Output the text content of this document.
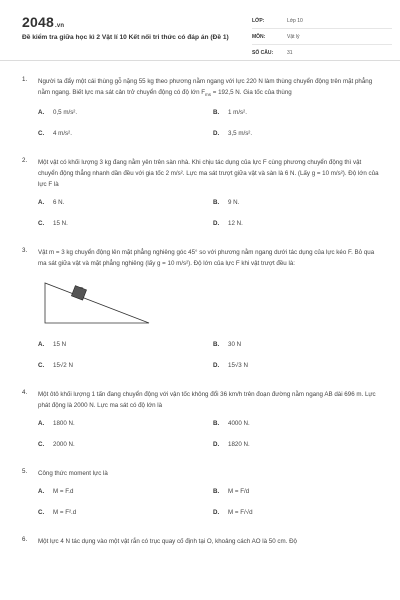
2048.vn
Đề kiểm tra giữa học kì 2 Vật lí 10 Kết nối tri thức có đáp án (Đề 1)
LỚP:	Lớp 10
MÔN:	Vật lý
SỐ CÂU:	31
1. Người ta đẩy một cái thùng gỗ nặng 55 kg theo phương nằm ngang với lực 220 N làm thùng chuyển động trên mặt phẳng nằm ngang. Biết lực ma sát cản trở chuyển động có độ lớn $F_{ms} = 192,5$ N. Gia tốc của thùng
A.	0,5 m/s².	B.	1 m/s².
C.	4 m/s².	D.	3,5 m/s².
2. Một vật có khối lượng 3 kg đang nằm yên trên sàn nhà. Khi chịu tác dụng của lực F cùng phương chuyển động thì vật chuyển động thẳng nhanh dần đều với gia tốc 2 m/s². Lực ma sát trượt giữa vật và sàn là 6 N. (Lấy g = 10 m/s²). Độ lớn của lực F là
A.	6 N.	B.	9 N.
C.	15 N.	D.	12 N.
3. Vật m = 3 kg chuyển động lên mặt phẳng nghiêng góc 45° so với phương nằm ngang dưới tác dụng của lực kéo F. Bỏ qua ma sát giữa vật và mặt phẳng nghiêng (lấy g = 10 m/s²). Độ lớn của lực F khi vật trượt đều là:
m
A.	15 N	B.	30 N
C.	15√2 N	D.	15√3 N
4. Một ôtô khối lượng 1 tấn đang chuyển động với vận tốc không đổi 36 km/h trên đoạn đường nằm ngang AB dài 696 m. Lực phát động là 2000 N. Lực ma sát có độ lớn là
A.	1800 N.	B.	4000 N.
C.	2000 N.	D.	1820 N.
5. Công thức moment lực là
A.	M = F.d	B.	M = F/d
C.	M = F².d	D.	M = F/√d
6. Một lực 4 N tác dụng vào một vật rắn có trục quay cố định tại O, khoảng cách AO là 50 cm. Độ
